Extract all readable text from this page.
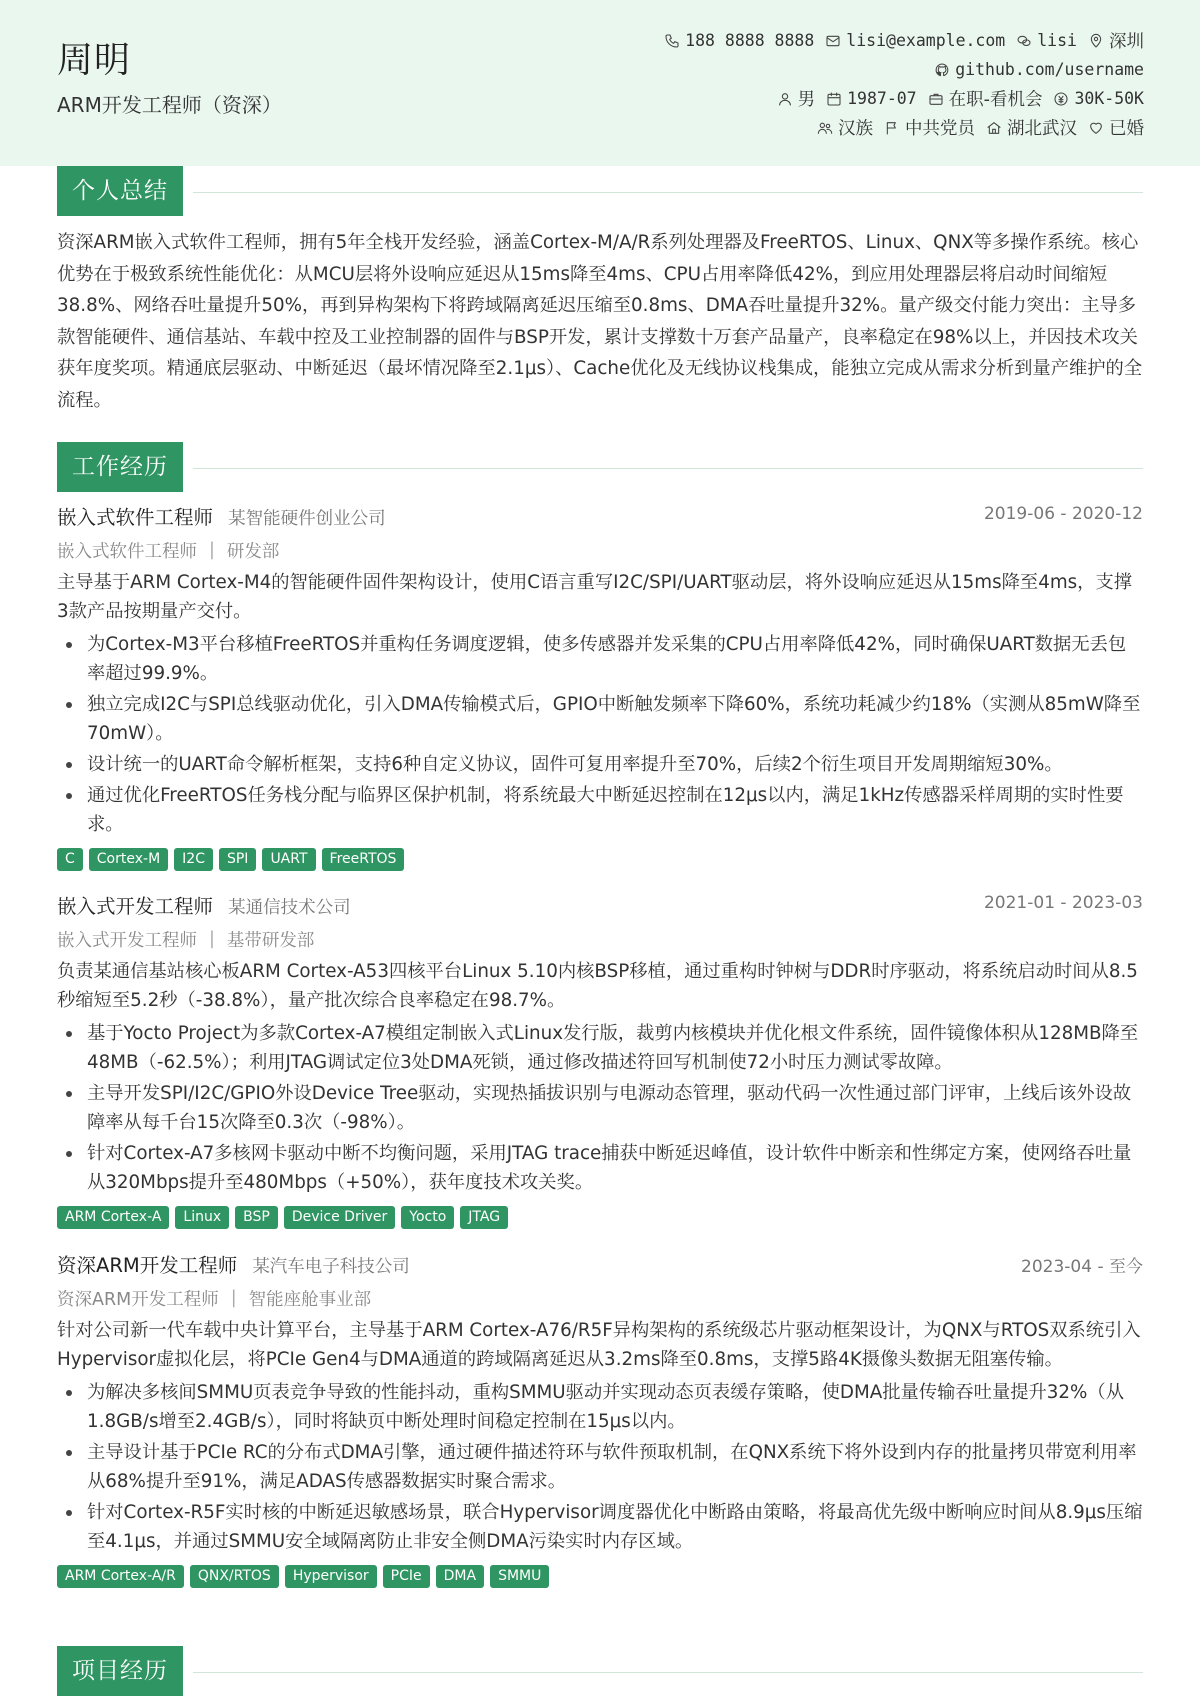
周明
ARM开发工程师（资深）
188 8888 8888 lisi@example.com lisi 深圳
github.com/username
男 1987-07 在职-看机会 30K-50K
汉族 中共党员 湖北武汉 已婚
个人总结
资深ARM嵌入式软件工程师，拥有5年全栈开发经验，涵盖Cortex-M/A/R系列处理器及FreeRTOS、Linux、QNX等多操作系统。核心优势在于极致系统性能优化：从MCU层将外设响应延迟从15ms降至4ms、CPU占用率降低42%，到应用处理器层将启动时间缩短38.8%、网络吞吐量提升50%，再到异构架构下将跨域隔离延迟压缩至0.8ms、DMA吞吐量提升32%。量产级交付能力突出：主导多款智能硬件、通信基站、车载中控及工业控制器的固件与BSP开发，累计支撑数十万套产品量产，良率稳定在98%以上，并因技术攻关获年度奖项。精通底层驱动、中断延迟（最坏情况降至2.1μs）、Cache优化及无线协议栈集成，能独立完成从需求分析到量产维护的全流程。
工作经历
嵌入式软件工程师 某智能硬件创业公司	2019-06 - 2020-12
嵌入式软件工程师 | 研发部
主导基于ARM Cortex-M4的智能硬件固件架构设计，使用C语言重写I2C/SPI/UART驱动层，将外设响应延迟从15ms降至4ms，支撑3款产品按期量产交付。
为Cortex-M3平台移植FreeRTOS并重构任务调度逻辑，使多传感器并发采集的CPU占用率降低42%，同时确保UART数据无丢包率超过99.9%。
独立完成I2C与SPI总线驱动优化，引入DMA传输模式后，GPIO中断触发频率下降60%，系统功耗减少约18%（实测从85mW降至70mW）。
设计统一的UART命令解析框架，支持6种自定义协议，固件可复用率提升至70%，后续2个衍生项目开发周期缩短30%。
通过优化FreeRTOS任务栈分配与临界区保护机制，将系统最大中断延迟控制在12μs以内，满足1kHz传感器采样周期的实时性要求。
C	Cortex-M	I2C	SPI	UART	FreeRTOS
嵌入式开发工程师 某通信技术公司	2021-01 - 2023-03
嵌入式开发工程师 | 基带研发部
负责某通信基站核心板ARM Cortex-A53四核平台Linux 5.10内核BSP移植，通过重构时钟树与DDR时序驱动，将系统启动时间从8.5秒缩短至5.2秒（-38.8%），量产批次综合良率稳定在98.7%。
基于Yocto Project为多款Cortex-A7模组定制嵌入式Linux发行版，裁剪内核模块并优化根文件系统，固件镜像体积从128MB降至48MB（-62.5%）；利用JTAG调试定位3处DMA死锁，通过修改描述符回写机制使72小时压力测试零故障。
主导开发SPI/I2C/GPIO外设Device Tree驱动，实现热插拔识别与电源动态管理，驱动代码一次性通过部门评审，上线后该外设故障率从每千台15次降至0.3次（-98%）。
针对Cortex-A7多核网卡驱动中断不均衡问题，采用JTAG trace捕获中断延迟峰值，设计软件中断亲和性绑定方案，使网络吞吐量从320Mbps提升至480Mbps（+50%），获年度技术攻关奖。
ARM Cortex-A	Linux	BSP	Device Driver	Yocto	JTAG
资深ARM开发工程师 某汽车电子科技公司	2023-04 - 至今
资深ARM开发工程师 | 智能座舱事业部
针对公司新一代车载中央计算平台，主导基于ARM Cortex-A76/R5F异构架构的系统级芯片驱动框架设计，为QNX与RTOS双系统引入Hypervisor虚拟化层，将PCIe Gen4与DMA通道的跨域隔离延迟从3.2ms降至0.8ms，支撑5路4K摄像头数据无阻塞传输。
为解决多核间SMMU页表竞争导致的性能抖动，重构SMMU驱动并实现动态页表缓存策略，使DMA批量传输吞吐量提升32%（从1.8GB/s增至2.4GB/s），同时将缺页中断处理时间稳定控制在15μs以内。
主导设计基于PCIe RC的分布式DMA引擎，通过硬件描述符环与软件预取机制，在QNX系统下将外设到内存的批量拷贝带宽利用率从68%提升至91%，满足ADAS传感器数据实时聚合需求。
针对Cortex-R5F实时核的中断延迟敏感场景，联合Hypervisor调度器优化中断路由策略，将最高优先级中断响应时间从8.9μs压缩至4.1μs，并通过SMMU安全域隔离防止非安全侧DMA污染实时内存区域。
ARM Cortex-A/R	QNX/RTOS	Hypervisor	PCIe	DMA	SMMU
项目经历
